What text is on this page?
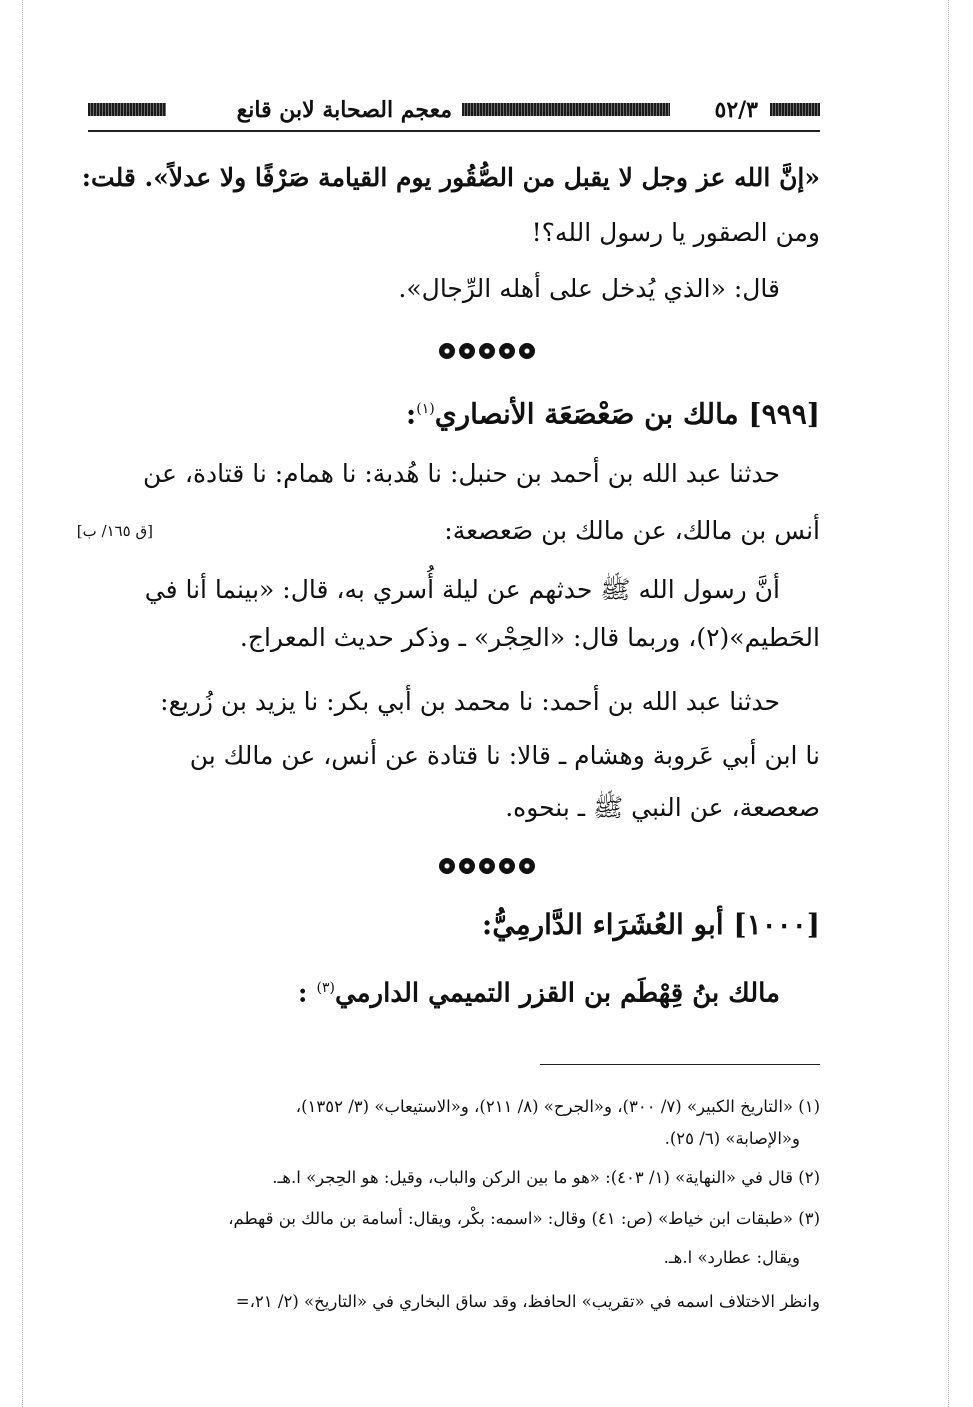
٥٢/٣
معجم الصحابة لابن قانع
«إنَّ الله عز وجل لا يقبل من الصُّقُور يوم القيامة صَرْفًا ولا عدلاً». قلت:
ومن الصقور يا رسول الله؟!
قال: «الذي يُدخل على أهله الرِّجال».
[٩٩٩] مالك بن صَعْصَعَة الأنصاري$^{(١)}$:
حدثنا عبد الله بن أحمد بن حنبل: نا هُدبة: نا همام: نا قتادة، عن
أنس بن مالك، عن مالك بن صَعصعة:
[ق ١٦٥/ ب]
أنَّ رسول الله ﷺ حدثهم عن ليلة أُسري به، قال: «بينما أنا في
الحَطيم»(٢)، وربما قال: «الحِجْر» ـ وذكر حديث المعراج.
حدثنا عبد الله بن أحمد: نا محمد بن أبي بكر: نا يزيد بن زُريع:
نا ابن أبي عَروبة وهشام ـ قالا: نا قتادة عن أنس، عن مالك بن
صعصعة، عن النبي ﷺ ـ بنحوه.
[١٠٠٠] أبو العُشَرَاء الدَّارمِيُّ:
مالك بنُ قِهْطَم بن القزر التميمي الدارمي$^{(٣)}$ :
(١) «التاريخ الكبير» (٧/ ٣٠٠)، و«الجرح» (٨/ ٢١١)، و«الاستيعاب» (٣/ ١٣٥٢)،
و«الإصابة» (٦/ ٢٥).
(٢) قال في «النهاية» (١/ ٤٠٣): «هو ما بين الركن والباب، وقيل: هو الحِجر» ا.هـ.
(٣) «طبقات ابن خياط» (ص: ٤١) وقال: «اسمه: بكْر، ويقال: أسامة بن مالك بن قهطم،
ويقال: عطارد» ا.هـ.
وانظر الاختلاف اسمه في «تقريب» الحافظ، وقد ساق البخاري في «التاريخ» (٢/ ٢١،=
